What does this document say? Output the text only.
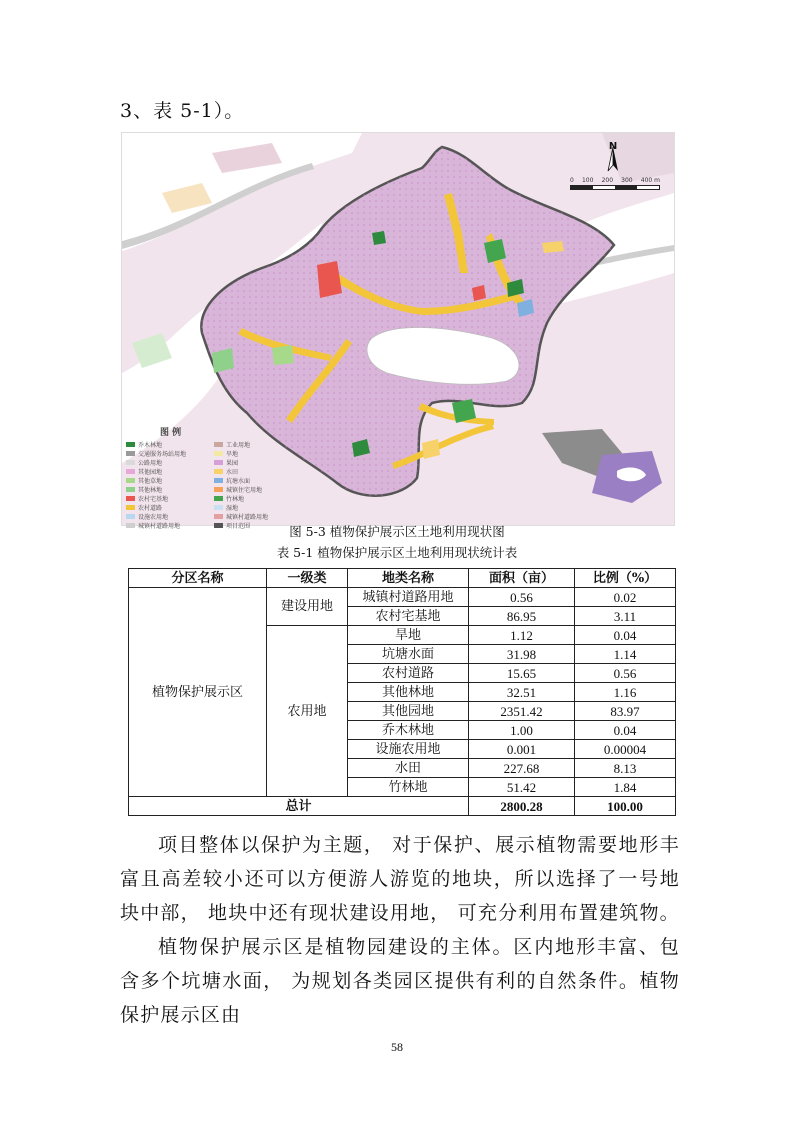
3、表 5-1）。
N
0 100 200 300 400 m
图 例
乔木林地	工业用地
交通服务场站用地	旱地
公路用地	果园
其他园地	水田
其他草地	坑塘水面
其他林地	城镇住宅用地
农村宅基地	竹林地
农村道路	湿地
设施农用地	城镇村道路用地
城镇村道路用地	项目范围	图 5-3 植物保护展示区土地利用现状图
表 5-1 植物保护展示区土地利用现状统计表
分区名称	一级类	地类名称	面积（亩）	比例（%）
植物保护展示区	建设用地	城镇村道路用地	0.56	0.02
		农村宅基地	86.95	3.11
	农用地	旱地	1.12	0.04
		坑塘水面	31.98	1.14
		农村道路	15.65	0.56
		其他林地	32.51	1.16
		其他园地	2351.42	83.97
		乔木林地	1.00	0.04
		设施农用地	0.001	0.00004
		水田	227.68	8.13
		竹林地	51.42	1.84
总计			2800.28	100.00

项目整体以保护为主题， 对于保护、展示植物需要地形丰富且高差较小还可以方便游人游览的地块，所以选择了一号地块中部， 地块中还有现状建设用地， 可充分利用布置建筑物。

植物保护展示区是植物园建设的主体。区内地形丰富、包含多个坑塘水面， 为规划各类园区提供有利的自然条件。植物保护展示区由

58
